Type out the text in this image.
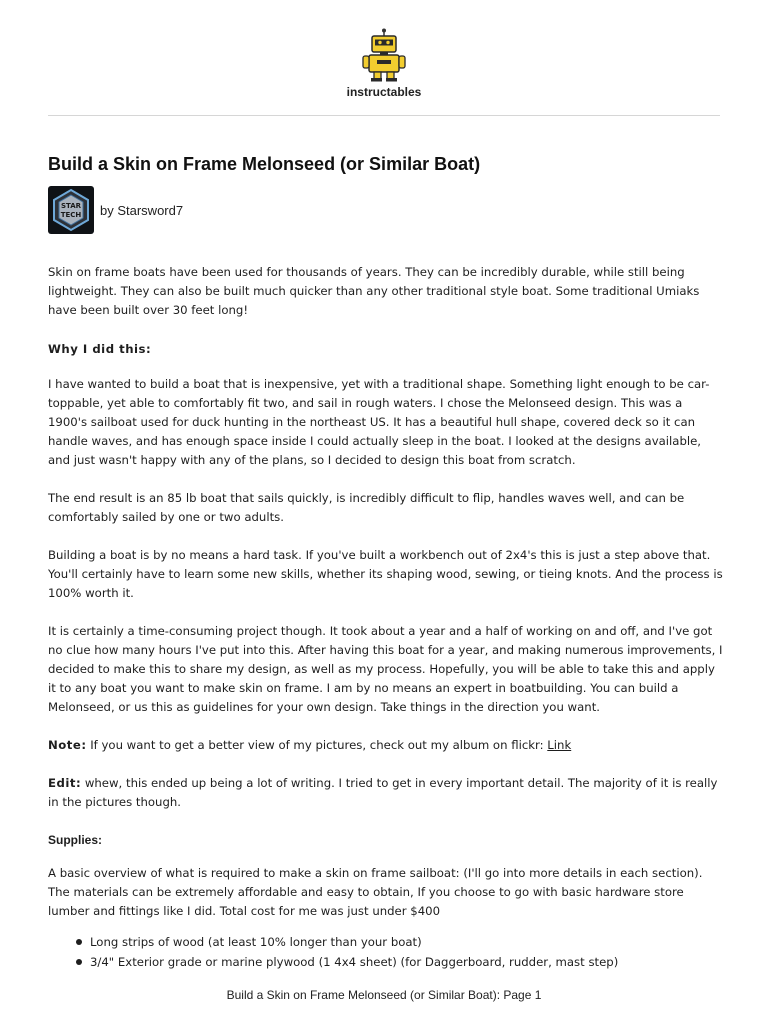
instructables
Build a Skin on Frame Melonseed (or Similar Boat)
STAR
TECH by Starsword7

Skin on frame boats have been used for thousands of years. They can be incredibly durable, while still being lightweight. They can also be built much quicker than any other traditional style boat. Some traditional Umiaks have been built over 30 feet long!

Why I did this:

I have wanted to build a boat that is inexpensive, yet with a traditional shape. Something light enough to be car-toppable, yet able to comfortably fit two, and sail in rough waters. I chose the Melonseed design. This was a 1900's sailboat used for duck hunting in the northeast US. It has a beautiful hull shape, covered deck so it can handle waves, and has enough space inside I could actually sleep in the boat. I looked at the designs available, and just wasn't happy with any of the plans, so I decided to design this boat from scratch.

The end result is an 85 lb boat that sails quickly, is incredibly difficult to flip, handles waves well, and can be comfortably sailed by one or two adults.

Building a boat is by no means a hard task. If you've built a workbench out of 2x4's this is just a step above that. You'll certainly have to learn some new skills, whether its shaping wood, sewing, or tieing knots. And the process is 100% worth it.

It is certainly a time-consuming project though. It took about a year and a half of working on and off, and I've got no clue how many hours I've put into this. After having this boat for a year, and making numerous improvements, I decided to make this to share my design, as well as my process. Hopefully, you will be able to take this and apply it to any boat you want to make skin on frame. I am by no means an expert in boatbuilding. You can build a Melonseed, or us this as guidelines for your own design. Take things in the direction you want.

Note: If you want to get a better view of my pictures, check out my album on flickr: Link

Edit: whew, this ended up being a lot of writing. I tried to get in every important detail. The majority of it is really in the pictures though.

Supplies:

A basic overview of what is required to make a skin on frame sailboat: (I'll go into more details in each section). The materials can be extremely affordable and easy to obtain, If you choose to go with basic hardware store lumber and fittings like I did. Total cost for me was just under $400

Long strips of wood (at least 10% longer than your boat)
3/4" Exterior grade or marine plywood (1 4x4 sheet) (for Daggerboard, rudder, mast step)
Build a Skin on Frame Melonseed (or Similar Boat): Page 1
